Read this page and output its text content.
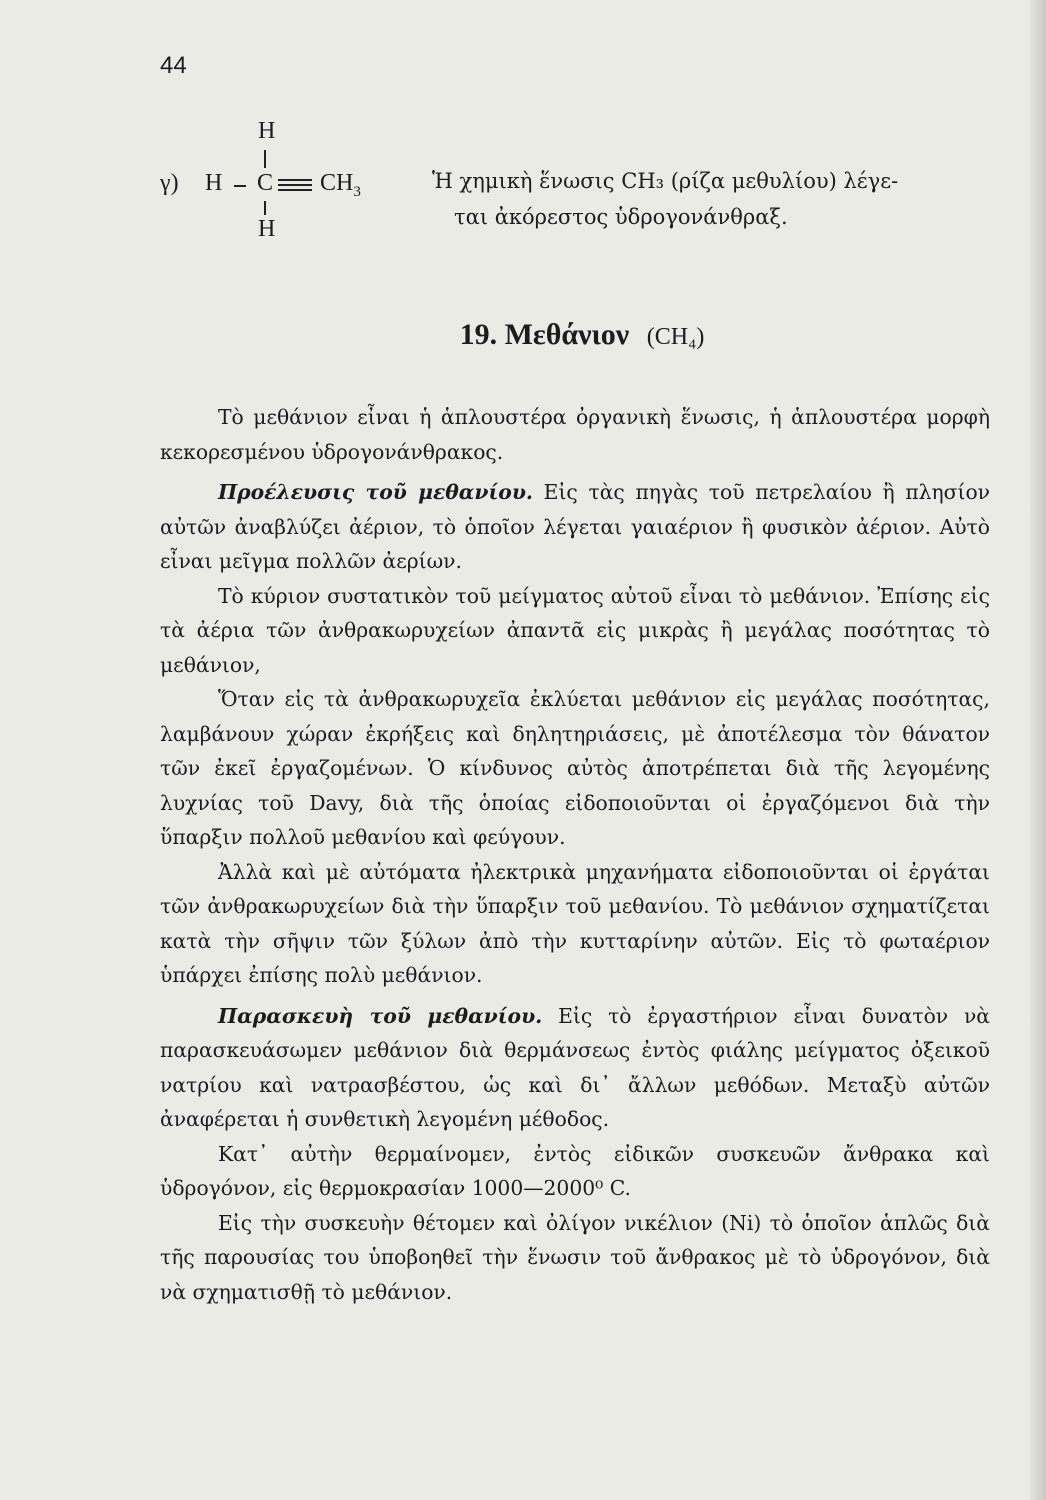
44
γ)
H
H C $CH_3$
H
Ἡ χημικὴ ἕνωσις CH₃ (ρίζα μεθυλίου) λέγε-
ται ἀκόρεστος ὑδρογονάνθραξ.
19. Μεθάνιον (CH₄)

Τὸ μεθάνιον εἶναι ἡ ἁπλουστέρα ὀργανικὴ ἕνωσις, ἡ ἁπλουστέρα μορφὴ κεκορεσμένου ὑδρογονάνθρακος.

Προέλευσις τοῦ μεθανίου. Εἰς τὰς πηγὰς τοῦ πετρελαίου ἢ πλησίον αὐτῶν ἀναβλύζει ἀέριον, τὸ ὁποῖον λέγεται γαιαέριον ἢ φυσικὸν ἀέριον. Αὐτὸ εἶναι μεῖγμα πολλῶν ἀερίων.

Τὸ κύριον συστατικὸν τοῦ μείγματος αὐτοῦ εἶναι τὸ μεθάνιον. Ἐπίσης εἰς τὰ ἀέρια τῶν ἀνθρακωρυχείων ἀπαντᾶ εἰς μικρὰς ἢ μεγάλας ποσότητας τὸ μεθάνιον,

Ὅταν εἰς τὰ ἀνθρακωρυχεῖα ἐκλύεται μεθάνιον εἰς μεγάλας ποσότητας, λαμβάνουν χώραν ἐκρήξεις καὶ δηλητηριάσεις, μὲ ἀποτέλεσμα τὸν θάνατον τῶν ἐκεῖ ἐργαζομένων. Ὁ κίνδυνος αὐτὸς ἀποτρέπεται διὰ τῆς λεγομένης λυχνίας τοῦ Davy, διὰ τῆς ὁποίας εἰδοποιοῦνται οἱ ἐργαζόμενοι διὰ τὴν ὕπαρξιν πολλοῦ μεθανίου καὶ φεύγουν.

Ἀλλὰ καὶ μὲ αὐτόματα ἠλεκτρικὰ μηχανήματα εἰδοποιοῦνται οἱ ἐργάται τῶν ἀνθρακωρυχείων διὰ τὴν ὕπαρξιν τοῦ μεθανίου. Τὸ μεθάνιον σχηματίζεται κατὰ τὴν σῆψιν τῶν ξύλων ἀπὸ τὴν κυτταρίνην αὐτῶν. Εἰς τὸ φωταέριον ὑπάρχει ἐπίσης πολὺ μεθάνιον.

Παρασκευὴ τοῦ μεθανίου. Εἰς τὸ ἐργαστήριον εἶναι δυνατὸν νὰ παρασκευάσωμεν μεθάνιον διὰ θερμάνσεως ἐντὸς φιάλης μείγματος ὀξεικοῦ νατρίου καὶ νατρασβέστου, ὡς καὶ δι᾿ ἄλλων μεθόδων. Μεταξὺ αὐτῶν ἀναφέρεται ἡ συνθετικὴ λεγομένη μέθοδος.

Κατ᾿ αὐτὴν θερμαίνομεν, ἐντὸς εἰδικῶν συσκευῶν ἄνθρακα καὶ ὑδρογόνον, εἰς θερμοκρασίαν 1000—2000⁰ C.

Εἰς τὴν συσκευὴν θέτομεν καὶ ὀλίγον νικέλιον (Ni) τὸ ὁποῖον ἁπλῶς διὰ τῆς παρουσίας του ὑποβοηθεῖ τὴν ἕνωσιν τοῦ ἄνθρακος μὲ τὸ ὑδρογόνον, διὰ νὰ σχηματισθῇ τὸ μεθάνιον.
